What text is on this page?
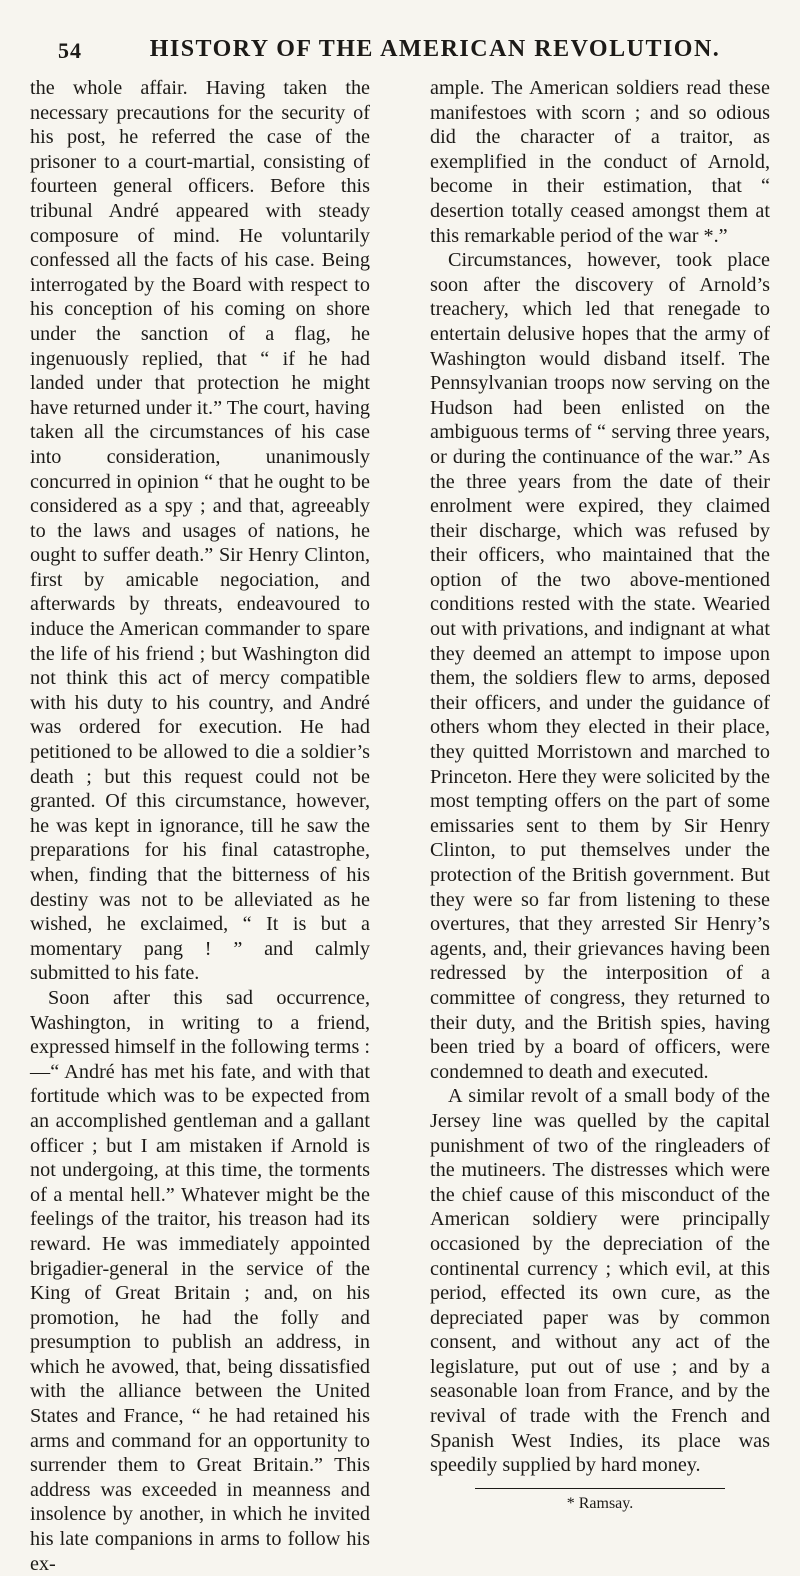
54	HISTORY OF THE AMERICAN REVOLUTION.

the whole affair. Having taken the necessary precautions for the security of his post, he referred the case of the prisoner to a court-martial, consisting of fourteen general officers. Before this tribunal André appeared with steady composure of mind. He voluntarily confessed all the facts of his case. Being interrogated by the Board with respect to his conception of his coming on shore under the sanction of a flag, he ingenuously replied, that “ if he had landed under that protection he might have returned under it.” The court, having taken all the circumstances of his case into consideration, unanimously concurred in opinion “ that he ought to be considered as a spy ; and that, agreeably to the laws and usages of nations, he ought to suffer death.” Sir Henry Clinton, first by amicable negociation, and afterwards by threats, endeavoured to induce the American commander to spare the life of his friend ; but Washington did not think this act of mercy compatible with his duty to his country, and André was ordered for execution. He had petitioned to be allowed to die a soldier’s death ; but this request could not be granted. Of this circumstance, however, he was kept in ignorance, till he saw the preparations for his final catastrophe, when, finding that the bitterness of his destiny was not to be alleviated as he wished, he exclaimed, “ It is but a momentary pang ! ” and calmly submitted to his fate.

Soon after this sad occurrence, Washington, in writing to a friend, expressed himself in the following terms :—“ André has met his fate, and with that fortitude which was to be expected from an accomplished gentleman and a gallant officer ; but I am mistaken if Arnold is not undergoing, at this time, the torments of a mental hell.” Whatever might be the feelings of the traitor, his treason had its reward. He was immediately appointed brigadier-general in the service of the King of Great Britain ; and, on his promotion, he had the folly and presumption to publish an address, in which he avowed, that, being dissatisfied with the alliance between the United States and France, “ he had retained his arms and command for an opportunity to surrender them to Great Britain.” This address was exceeded in meanness and insolence by another, in which he invited his late companions in arms to follow his ex-

ample. The American soldiers read these manifestoes with scorn ; and so odious did the character of a traitor, as exemplified in the conduct of Arnold, become in their estimation, that “ desertion totally ceased amongst them at this remarkable period of the war *.”

Circumstances, however, took place soon after the discovery of Arnold’s treachery, which led that renegade to entertain delusive hopes that the army of Washington would disband itself. The Pennsylvanian troops now serving on the Hudson had been enlisted on the ambiguous terms of “ serving three years, or during the continuance of the war.” As the three years from the date of their enrolment were expired, they claimed their discharge, which was refused by their officers, who maintained that the option of the two above-mentioned conditions rested with the state. Wearied out with privations, and indignant at what they deemed an attempt to impose upon them, the soldiers flew to arms, deposed their officers, and under the guidance of others whom they elected in their place, they quitted Morristown and marched to Princeton. Here they were solicited by the most tempting offers on the part of some emissaries sent to them by Sir Henry Clinton, to put themselves under the protection of the British government. But they were so far from listening to these overtures, that they arrested Sir Henry’s agents, and, their grievances having been redressed by the interposition of a committee of congress, they returned to their duty, and the British spies, having been tried by a board of officers, were condemned to death and executed.

A similar revolt of a small body of the Jersey line was quelled by the capital punishment of two of the ringleaders of the mutineers. The distresses which were the chief cause of this misconduct of the American soldiery were principally occasioned by the depreciation of the continental currency ; which evil, at this period, effected its own cure, as the depreciated paper was by common consent, and without any act of the legislature, put out of use ; and by a seasonable loan from France, and by the revival of trade with the French and Spanish West Indies, its place was speedily supplied by hard money.

* Ramsay.
